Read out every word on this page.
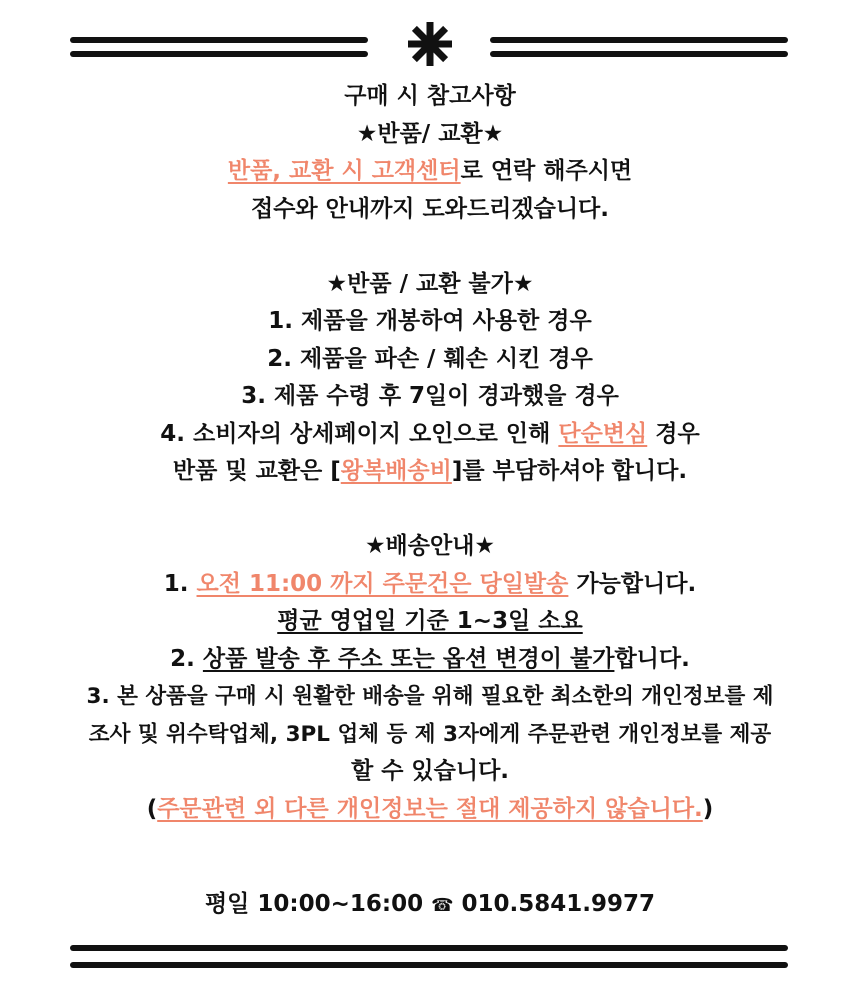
구매 시 참고사항
★반품/ 교환★
반품, 교환 시 고객센터로 연락 해주시면
접수와 안내까지 도와드리겠습니다.
★반품 / 교환 불가★
1. 제품을 개봉하여 사용한 경우
2. 제품을 파손 / 훼손 시킨 경우
3. 제품 수령 후 7일이 경과했을 경우
4. 소비자의 상세페이지 오인으로 인해 단순변심 경우
반품 및 교환은 [왕복배송비]를 부담하셔야 합니다.
★배송안내★
1. 오전 11:00 까지 주문건은 당일발송 가능합니다.
평균 영업일 기준 1~3일 소요
2. 상품 발송 후 주소 또는 옵션 변경이 불가합니다.
3. 본 상품을 구매 시 원활한 배송을 위해 필요한 최소한의 개인정보를 제
조사 및 위수탁업체, 3PL 업체 등 제 3자에게 주문관련 개인정보를 제공
할 수 있습니다.
(주문관련 외 다른 개인정보는 절대 제공하지 않습니다.)
평일 10:00~16:00 ☎ 010.5841.9977
